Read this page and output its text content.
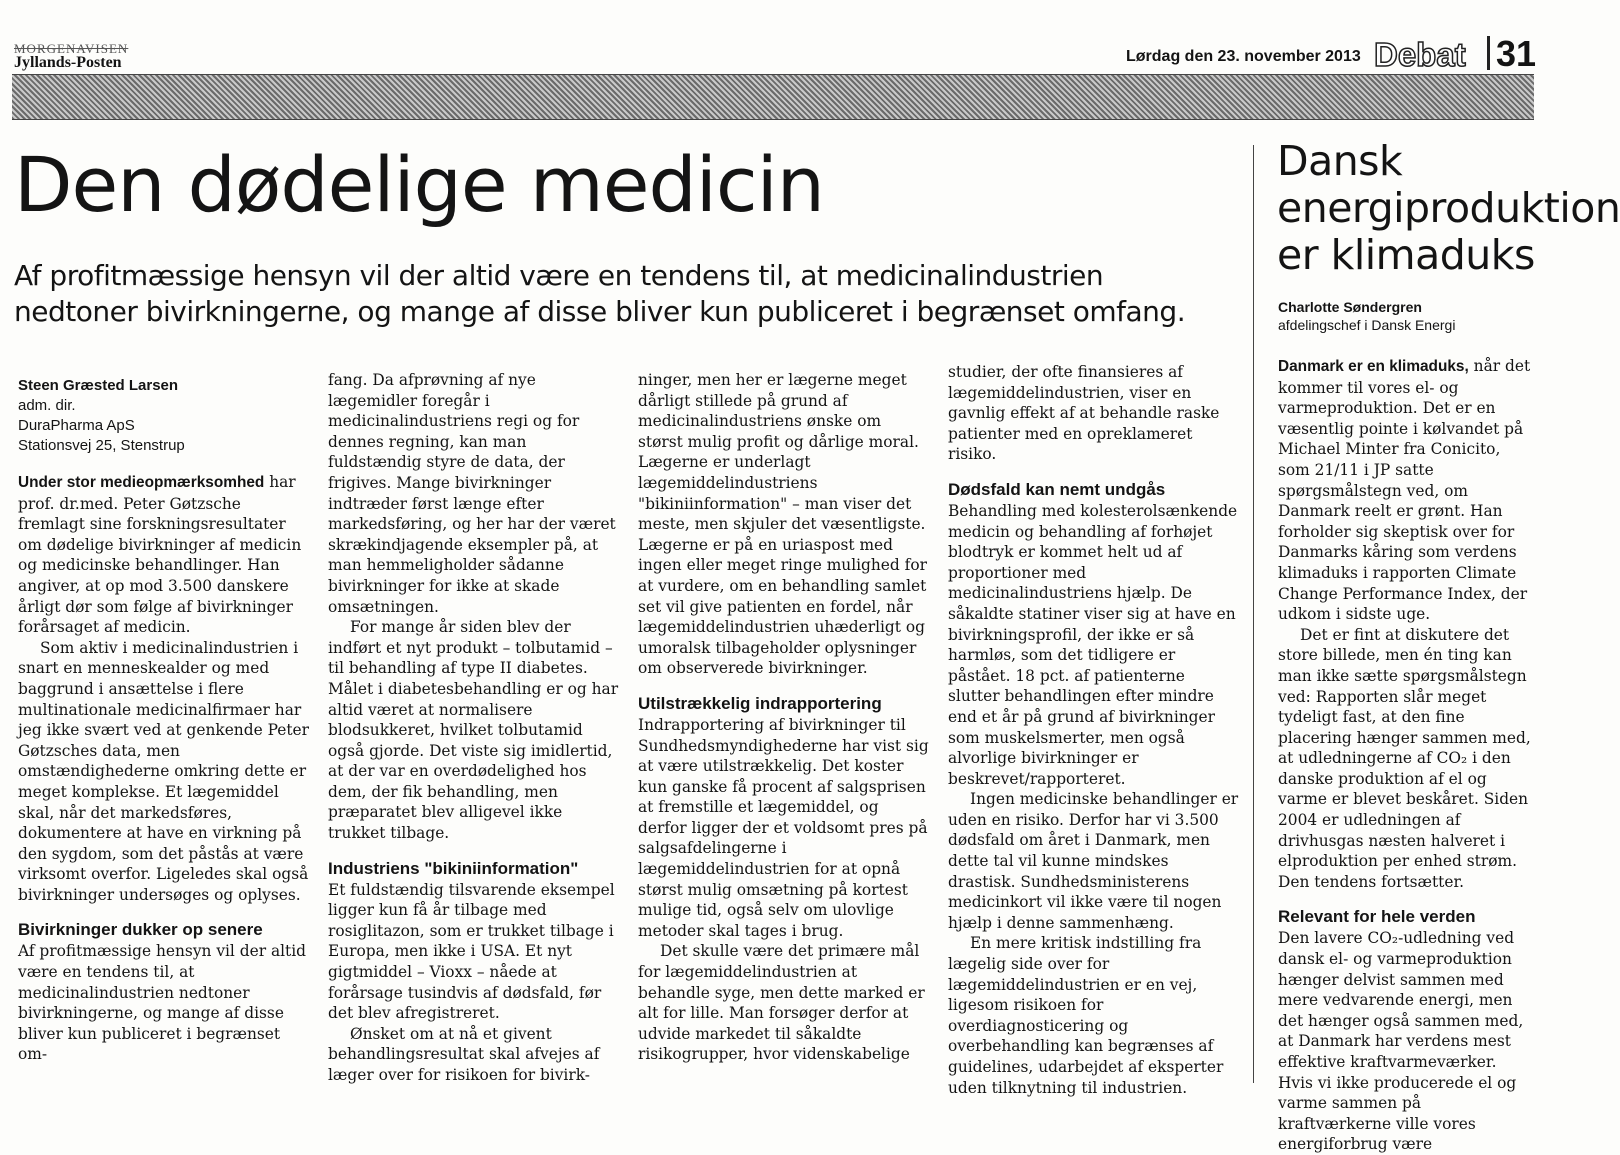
MORGENAVISEN
Jyllands-Posten	Lørdag den 23. november 2013 Debat 31
Den dødelige medicin
Af profitmæssige hensyn vil der altid være en tendens til, at medicinalindustrien nedtoner bivirkningerne, og mange af disse bliver kun publiceret i begrænset omfang.
Steen Græsted Larsen
adm. dir.
DuraPharma ApS
Stationsvej 25, Stenstrup

Under stor medieopmærksomhed har prof. dr.med. Peter Gøtzsche fremlagt sine forskningsresultater om dødelige bivirkninger af medicin og medicinske behandlinger. Han angiver, at op mod 3.500 danskere årligt dør som følge af bivirkninger forårsaget af medicin.

Som aktiv i medicinalindustrien i snart en menneskealder og med baggrund i ansættelse i flere multinationale medicinalfirmaer har jeg ikke svært ved at genkende Peter Gøtzsches data, men omstændighederne omkring dette er meget komplekse. Et lægemiddel skal, når det markedsføres, dokumentere at have en virkning på den sygdom, som det påstås at være virksomt overfor. Ligeledes skal også bivirkninger undersøges og oplyses.

Bivirkninger dukker op senere

Af profitmæssige hensyn vil der altid være en tendens til, at medicinalindustrien nedtoner bivirkningerne, og mange af disse bliver kun publiceret i begrænset om-

fang. Da afprøvning af nye lægemidler foregår i medicinalindustriens regi og for dennes regning, kan man fuldstændig styre de data, der frigives. Mange bivirkninger indtræder først længe efter markedsføring, og her har der været skrækindjagende eksempler på, at man hemmeligholder sådanne bivirkninger for ikke at skade omsætningen.

For mange år siden blev der indført et nyt produkt – tolbutamid – til behandling af type II diabetes. Målet i diabetesbehandling er og har altid været at normalisere blodsukkeret, hvilket tolbutamid også gjorde. Det viste sig imidlertid, at der var en overdødelighed hos dem, der fik behandling, men præparatet blev alligevel ikke trukket tilbage.

Industriens "bikiniinformation"

Et fuldstændig tilsvarende eksempel ligger kun få år tilbage med rosiglitazon, som er trukket tilbage i Europa, men ikke i USA. Et nyt gigtmiddel – Vioxx – nåede at forårsage tusindvis af dødsfald, før det blev afregistreret.

Ønsket om at nå et givent behandlingsresultat skal afvejes af læger over for risikoen for bivirk-

ninger, men her er lægerne meget dårligt stillede på grund af medicinalindustriens ønske om størst mulig profit og dårlige moral. Lægerne er underlagt lægemiddelindustriens "bikiniinformation" – man viser det meste, men skjuler det væsentligste. Lægerne er på en uriaspost med ingen eller meget ringe mulighed for at vurdere, om en behandling samlet set vil give patienten en fordel, når lægemiddelindustrien uhæderligt og umoralsk tilbageholder oplysninger om observerede bivirkninger.

Utilstrækkelig indrapportering

Indrapportering af bivirkninger til Sundhedsmyndighederne har vist sig at være utilstrækkelig. Det koster kun ganske få procent af salgsprisen at fremstille et lægemiddel, og derfor ligger der et voldsomt pres på salgsafdelingerne i lægemiddelindustrien for at opnå størst mulig omsætning på kortest mulige tid, også selv om ulovlige metoder skal tages i brug.

Det skulle være det primære mål for lægemiddelindustrien at behandle syge, men dette marked er alt for lille. Man forsøger derfor at udvide markedet til såkaldte risikogrupper, hvor videnskabelige

studier, der ofte finansieres af lægemiddelindustrien, viser en gavnlig effekt af at behandle raske patienter med en opreklameret risiko.

Dødsfald kan nemt undgås

Behandling med kolesterolsænkende medicin og behandling af forhøjet blodtryk er kommet helt ud af proportioner med medicinalindustriens hjælp. De såkaldte statiner viser sig at have en bivirkningsprofil, der ikke er så harmløs, som det tidligere er påstået. 18 pct. af patienterne slutter behandlingen efter mindre end et år på grund af bivirkninger som muskelsmerter, men også alvorlige bivirkninger er beskrevet/rapporteret.

Ingen medicinske behandlinger er uden en risiko. Derfor har vi 3.500 dødsfald om året i Danmark, men dette tal vil kunne mindskes drastisk. Sundhedsministerens medicinkort vil ikke være til nogen hjælp i denne sammenhæng.

En mere kritisk indstilling fra lægelig side over for lægemiddelindustrien er en vej, ligesom risikoen for overdiagnosticering og overbehandling kan begrænses af guidelines, udarbejdet af eksperter uden tilknytning til industrien.

Dansk energiproduktion er klimaduks
Charlotte Søndergren
afdelingschef i Dansk Energi

Danmark er en klimaduks, når det kommer til vores el- og varmeproduktion. Det er en væsentlig pointe i kølvandet på Michael Minter fra Conicito, som 21/11 i JP satte spørgsmålstegn ved, om Danmark reelt er grønt. Han forholder sig skeptisk over for Danmarks kåring som verdens klimaduks i rapporten Climate Change Performance Index, der udkom i sidste uge.

Det er fint at diskutere det store billede, men én ting kan man ikke sætte spørgsmålstegn ved: Rapporten slår meget tydeligt fast, at den fine placering hænger sammen med, at udledningerne af CO₂ i den danske produktion af el og varme er blevet beskåret. Siden 2004 er udledningen af drivhusgas næsten halveret i elproduktion per enhed strøm. Den tendens fortsætter.

Relevant for hele verden

Den lavere CO₂-udledning ved dansk el- og varmeproduktion hænger delvist sammen med mere vedvarende energi, men det hænger også sammen med, at Danmark har verdens mest effektive kraftvarmeværker. Hvis vi ikke producerede el og varme sammen på kraftværkerne ville vores energiforbrug være
